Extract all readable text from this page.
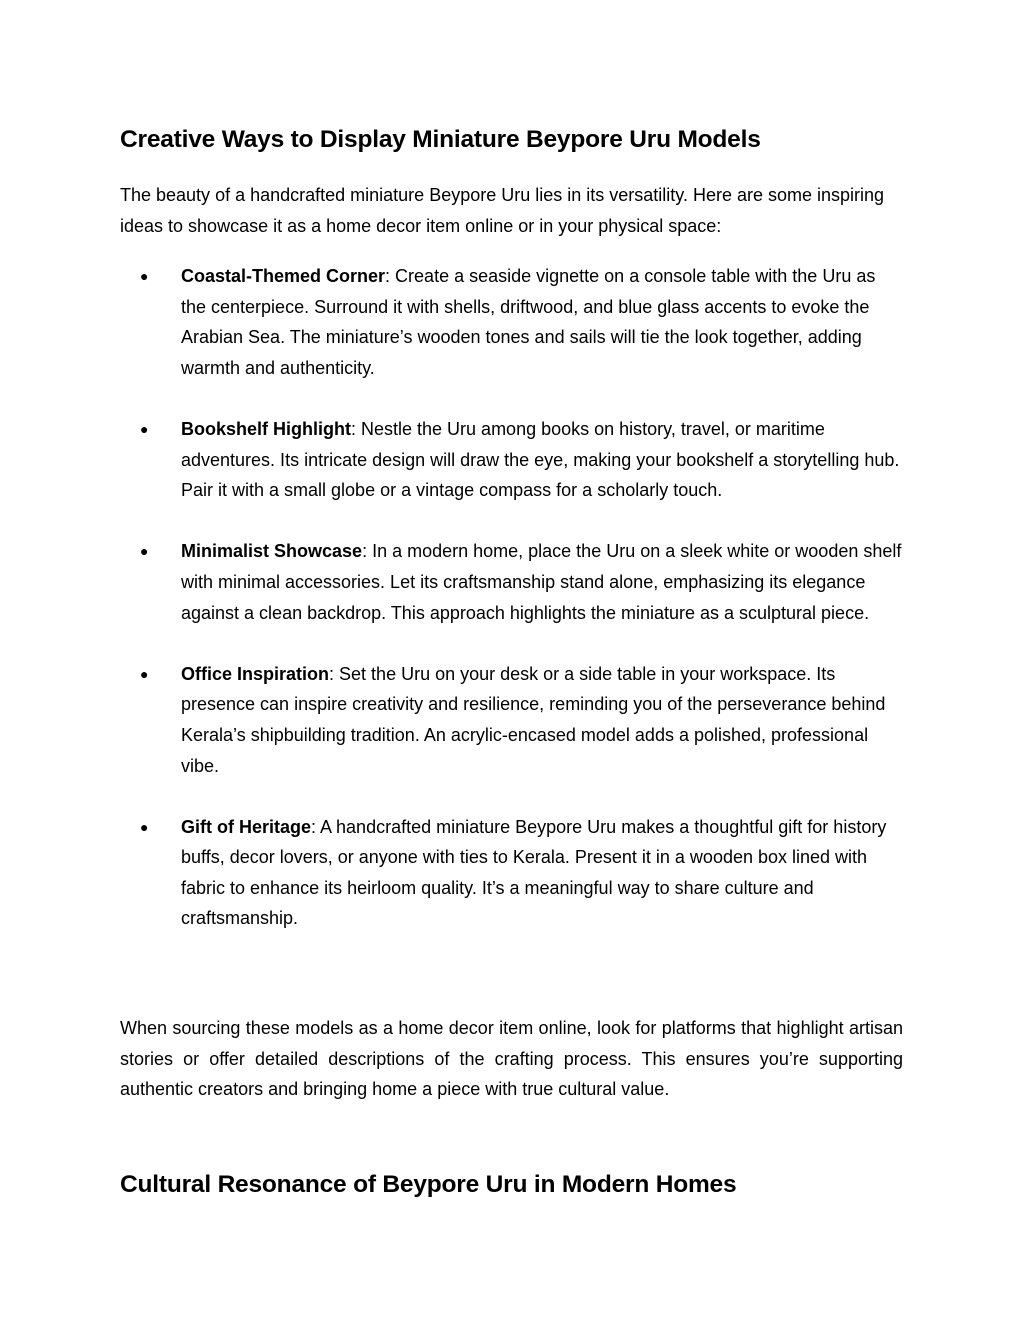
Creative Ways to Display Miniature Beypore Uru Models

The beauty of a handcrafted miniature Beypore Uru lies in its versatility. Here are some inspiring ideas to showcase it as a home decor item online or in your physical space:

● Coastal-Themed Corner: Create a seaside vignette on a console table with the Uru as the centerpiece. Surround it with shells, driftwood, and blue glass accents to evoke the Arabian Sea. The miniature’s wooden tones and sails will tie the look together, adding warmth and authenticity.
● Bookshelf Highlight: Nestle the Uru among books on history, travel, or maritime adventures. Its intricate design will draw the eye, making your bookshelf a storytelling hub. Pair it with a small globe or a vintage compass for a scholarly touch.
● Minimalist Showcase: In a modern home, place the Uru on a sleek white or wooden shelf with minimal accessories. Let its craftsmanship stand alone, emphasizing its elegance against a clean backdrop. This approach highlights the miniature as a sculptural piece.
● Office Inspiration: Set the Uru on your desk or a side table in your workspace. Its presence can inspire creativity and resilience, reminding you of the perseverance behind Kerala’s shipbuilding tradition. An acrylic-encased model adds a polished, professional vibe.
● Gift of Heritage: A handcrafted miniature Beypore Uru makes a thoughtful gift for history buffs, decor lovers, or anyone with ties to Kerala. Present it in a wooden box lined with fabric to enhance its heirloom quality. It’s a meaningful way to share culture and craftsmanship.

When sourcing these models as a home decor item online, look for platforms that highlight artisan stories or offer detailed descriptions of the crafting process. This ensures you’re supporting authentic creators and bringing home a piece with true cultural value.

Cultural Resonance of Beypore Uru in Modern Homes
